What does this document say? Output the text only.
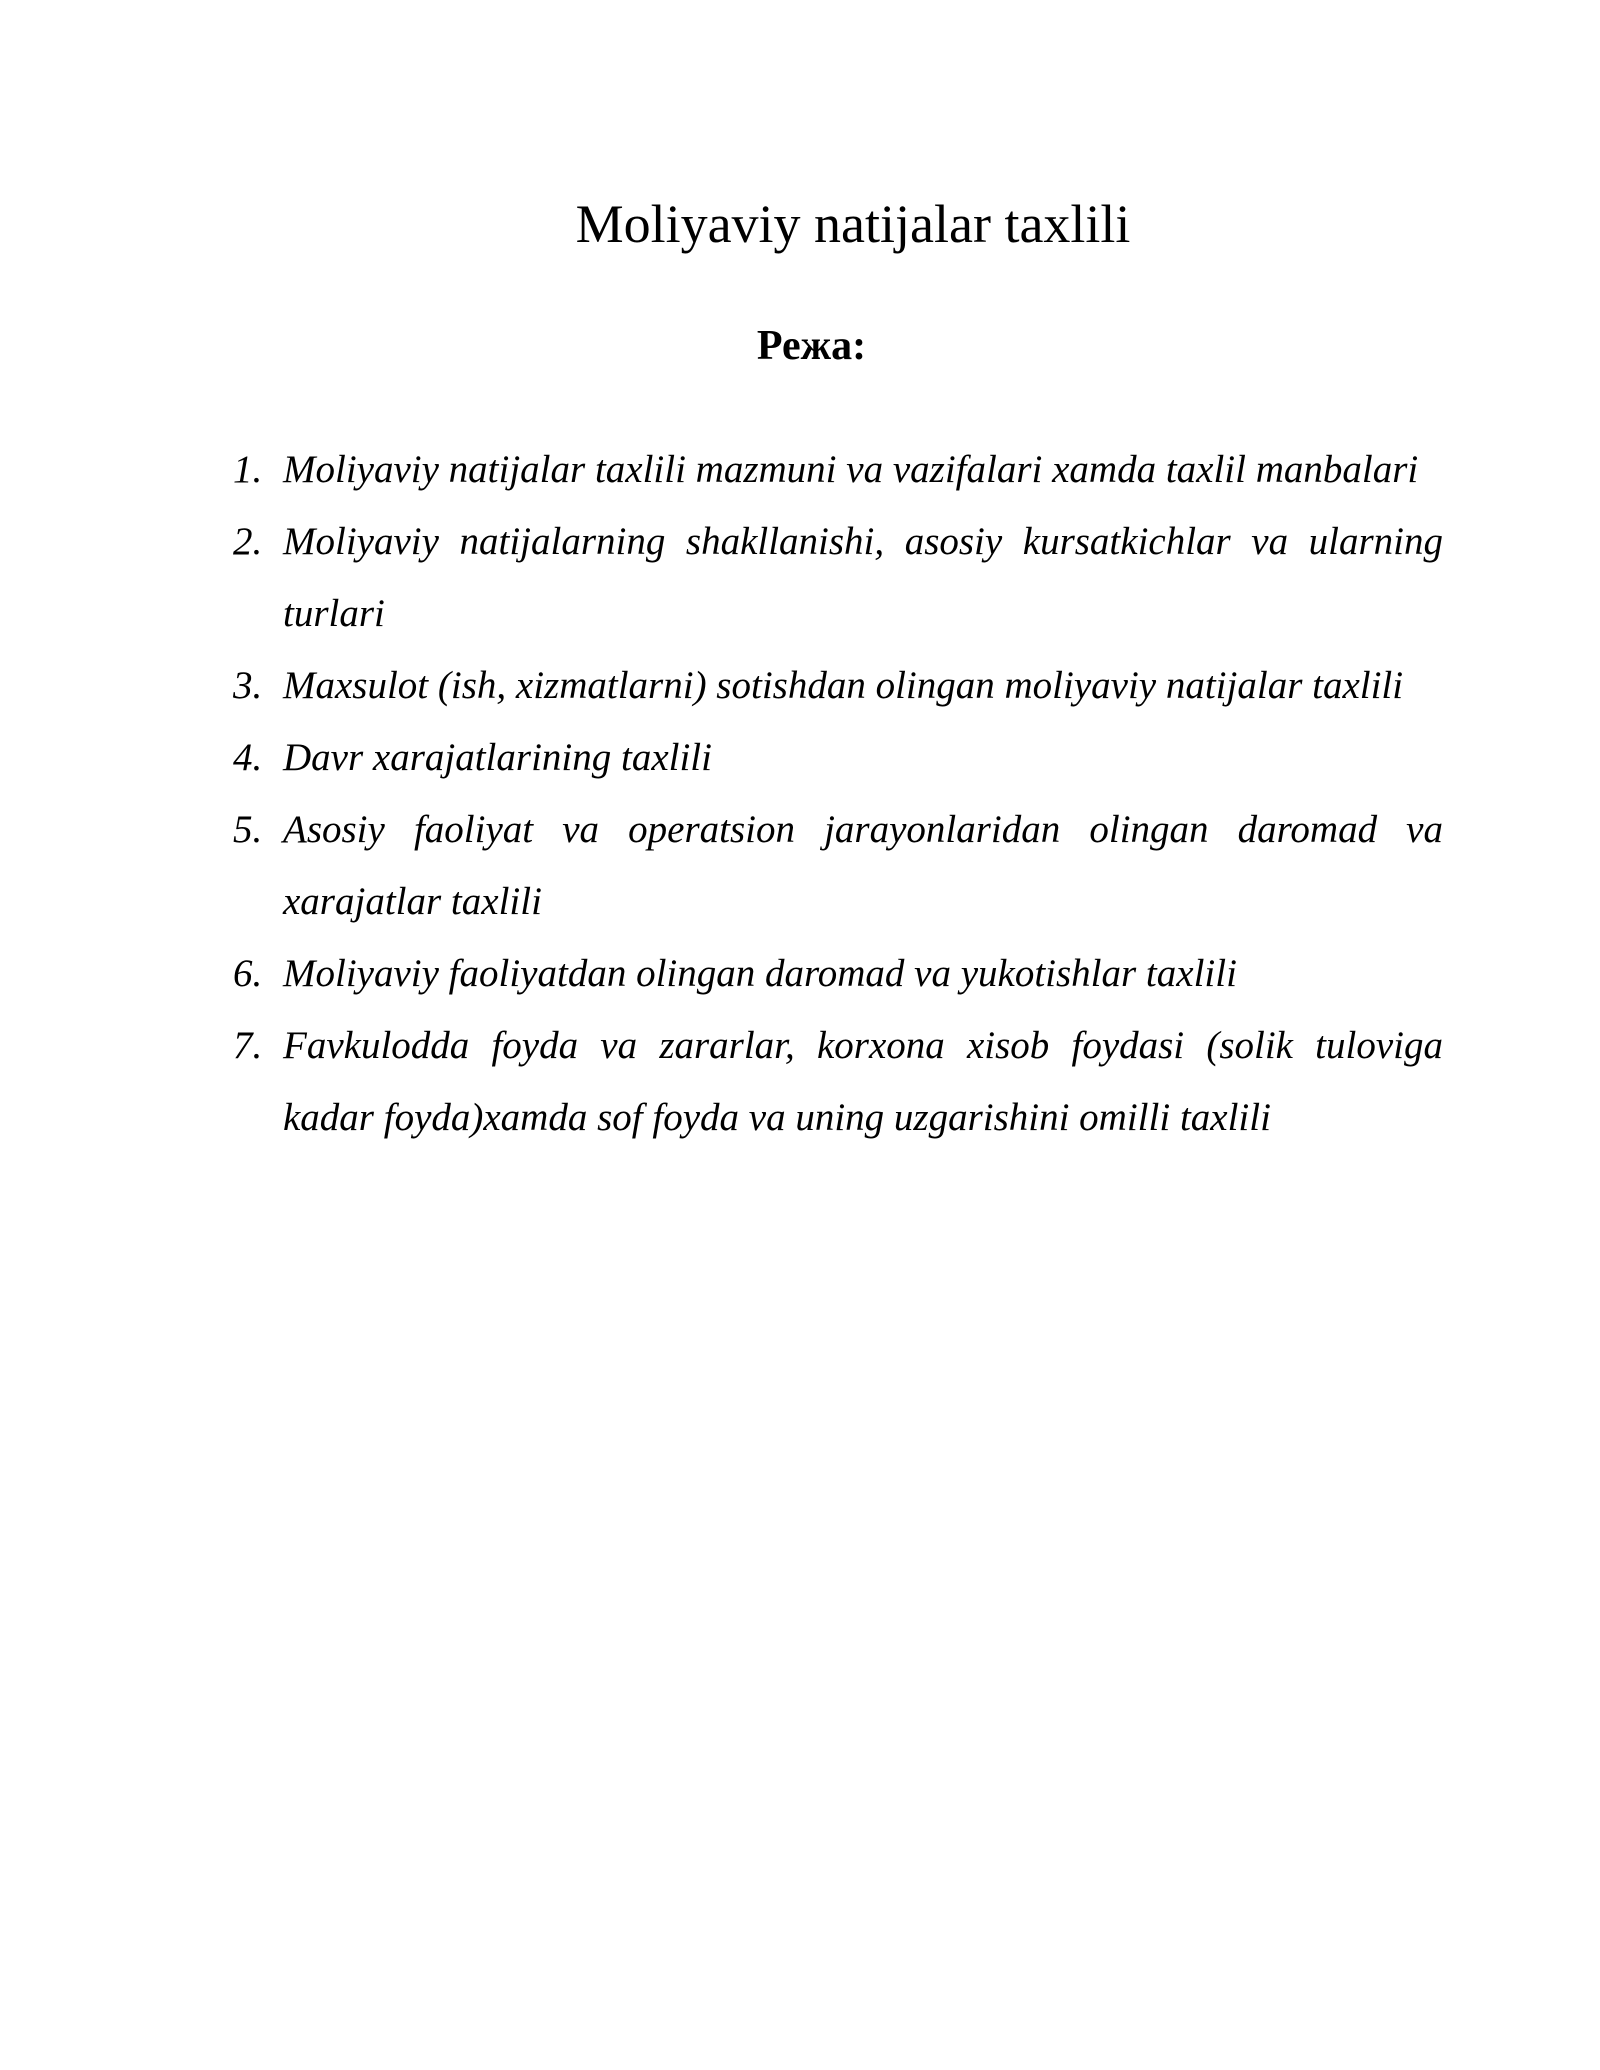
Moliyaviy natijalar taxlili
Режа:
1. Moliyaviy natijalar taxlili mazmuni va vazifalari xamda taxlil manbalari
2. Moliyaviy natijalarning shakllanishi, asosiy kursatkichlar va ularning turlari
3. Maxsulot (ish, xizmatlarni) sotishdan olingan moliyaviy natijalar taxlili
4. Davr xarajatlarining taxlili
5. Asosiy faoliyat va operatsion jarayonlaridan olingan daromad va xarajatlar taxlili
6. Moliyaviy faoliyatdan olingan daromad va yukotishlar taxlili
7. Favkulodda foyda va zararlar, korxona xisob foydasi (solik tuloviga kadar foyda)xamda sof foyda va uning uzgarishini omilli taxlili
